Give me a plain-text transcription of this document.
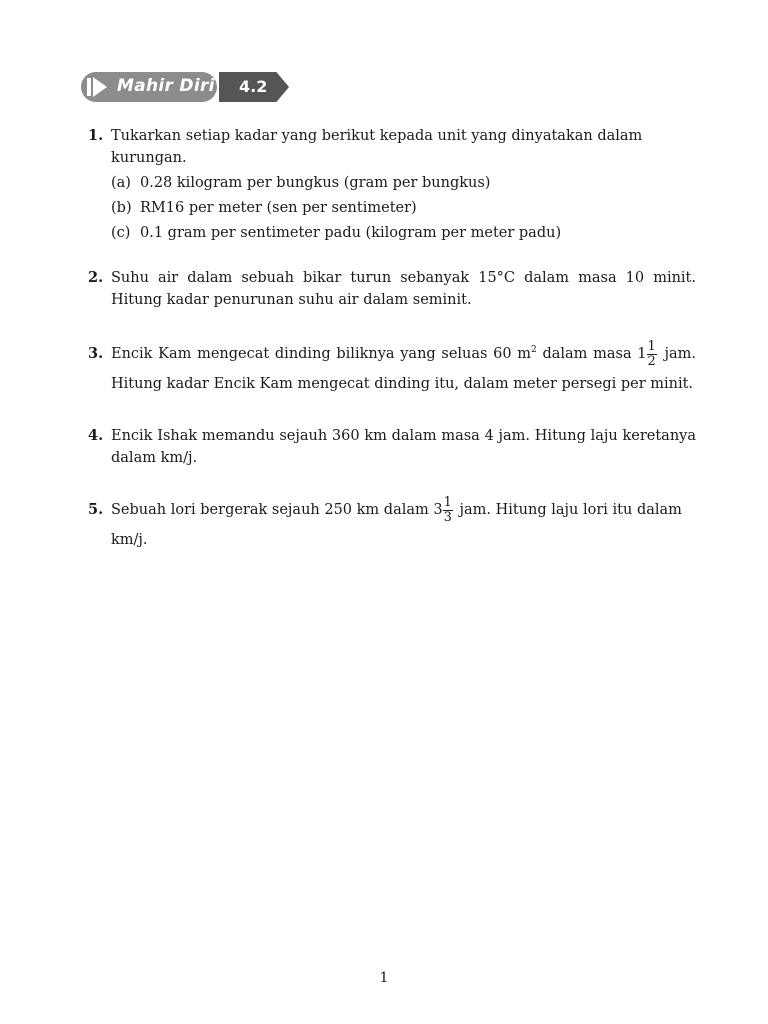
Mahir Diri 4.2
1. Tukarkan setiap kadar yang berikut kepada unit yang dinyatakan dalam kurungan.
(a) 0.28 kilogram per bungkus (gram per bungkus)
(b) RM16 per meter (sen per sentimeter)
(c) 0.1 gram per sentimeter padu (kilogram per meter padu)
2. Suhu air dalam sebuah bikar turun sebanyak 15°C dalam masa 10 minit. Hitung kadar penurunan suhu air dalam seminit.
3. Encik Kam mengecat dinding biliknya yang seluas 60 $m^2$ dalam masa $1 \frac{1}{2}$ jam. Hitung kadar Encik Kam mengecat dinding itu, dalam meter persegi per minit.
4. Encik Ishak memandu sejauh 360 km dalam masa 4 jam. Hitung laju keretanya dalam km/j.
5. Sebuah lori bergerak sejauh 250 km dalam $3 \frac{1}{3}$ jam. Hitung laju lori itu dalam km/j.
1
